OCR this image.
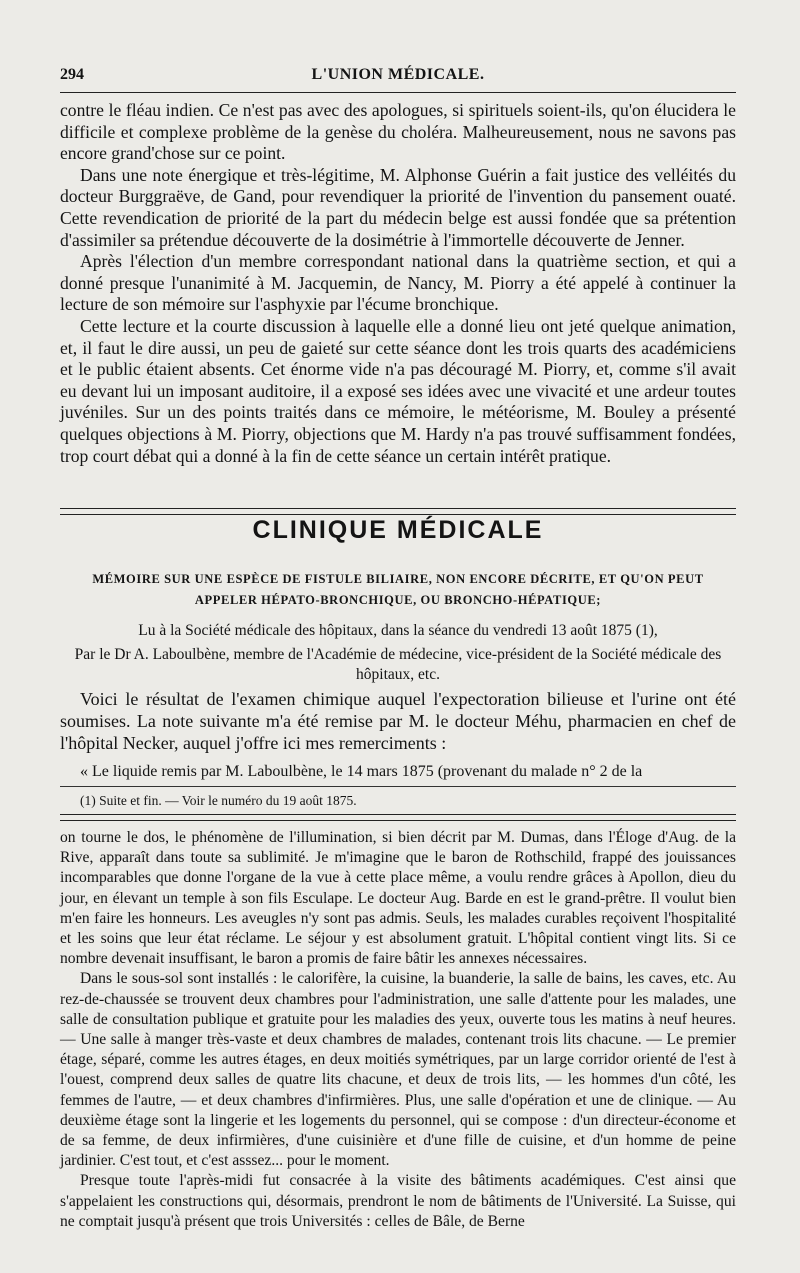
294	L'UNION MÉDICALE.

contre le fléau indien. Ce n'est pas avec des apologues, si spirituels soient-ils, qu'on élucidera le difficile et complexe problème de la genèse du choléra. Malheureusement, nous ne savons pas encore grand'chose sur ce point.

Dans une note énergique et très-légitime, M. Alphonse Guérin a fait justice des velléités du docteur Burggraëve, de Gand, pour revendiquer la priorité de l'invention du pansement ouaté. Cette revendication de priorité de la part du médecin belge est aussi fondée que sa prétention d'assimiler sa prétendue découverte de la dosimétrie à l'immortelle découverte de Jenner.

Après l'élection d'un membre correspondant national dans la quatrième section, et qui a donné presque l'unanimité à M. Jacquemin, de Nancy, M. Piorry a été appelé à continuer la lecture de son mémoire sur l'asphyxie par l'écume bronchique.

Cette lecture et la courte discussion à laquelle elle a donné lieu ont jeté quelque animation, et, il faut le dire aussi, un peu de gaieté sur cette séance dont les trois quarts des académiciens et le public étaient absents. Cet énorme vide n'a pas découragé M. Piorry, et, comme s'il avait eu devant lui un imposant auditoire, il a exposé ses idées avec une vivacité et une ardeur toutes juvéniles. Sur un des points traités dans ce mémoire, le météorisme, M. Bouley a présenté quelques objections à M. Piorry, objections que M. Hardy n'a pas trouvé suffisamment fondées, trop court débat qui a donné à la fin de cette séance un certain intérêt pratique.

CLINIQUE MÉDICALE
MÉMOIRE SUR UNE ESPÈCE DE FISTULE BILIAIRE, NON ENCORE DÉCRITE, ET QU'ON PEUT APPELER HÉPATO-BRONCHIQUE, OU BRONCHO-HÉPATIQUE;
Lu à la Société médicale des hôpitaux, dans la séance du vendredi 13 août 1875 (1),
Par le Dr A. Laboulbène, membre de l'Académie de médecine, vice-président de la Société médicale des hôpitaux, etc.

Voici le résultat de l'examen chimique auquel l'expectoration bilieuse et l'urine ont été soumises. La note suivante m'a été remise par M. le docteur Méhu, pharmacien en chef de l'hôpital Necker, auquel j'offre ici mes remerciments :

« Le liquide remis par M. Laboulbène, le 14 mars 1875 (provenant du malade n° 2 de la
(1) Suite et fin. — Voir le numéro du 19 août 1875.

on tourne le dos, le phénomène de l'illumination, si bien décrit par M. Dumas, dans l'Éloge d'Aug. de la Rive, apparaît dans toute sa sublimité. Je m'imagine que le baron de Rothschild, frappé des jouissances incomparables que donne l'organe de la vue à cette place même, a voulu rendre grâces à Apollon, dieu du jour, en élevant un temple à son fils Esculape. Le docteur Aug. Barde en est le grand-prêtre. Il voulut bien m'en faire les honneurs. Les aveugles n'y sont pas admis. Seuls, les malades curables reçoivent l'hospitalité et les soins que leur état réclame. Le séjour y est absolument gratuit. L'hôpital contient vingt lits. Si ce nombre devenait insuffisant, le baron a promis de faire bâtir les annexes nécessaires.

Dans le sous-sol sont installés : le calorifère, la cuisine, la buanderie, la salle de bains, les caves, etc. Au rez-de-chaussée se trouvent deux chambres pour l'administration, une salle d'attente pour les malades, une salle de consultation publique et gratuite pour les maladies des yeux, ouverte tous les matins à neuf heures. — Une salle à manger très-vaste et deux chambres de malades, contenant trois lits chacune. — Le premier étage, séparé, comme les autres étages, en deux moitiés symétriques, par un large corridor orienté de l'est à l'ouest, comprend deux salles de quatre lits chacune, et deux de trois lits, — les hommes d'un côté, les femmes de l'autre, — et deux chambres d'infirmières. Plus, une salle d'opération et une de clinique. — Au deuxième étage sont la lingerie et les logements du personnel, qui se compose : d'un directeur-économe et de sa femme, de deux infirmières, d'une cuisinière et d'une fille de cuisine, et d'un homme de peine jardinier. C'est tout, et c'est asssez... pour le moment.

Presque toute l'après-midi fut consacrée à la visite des bâtiments académiques. C'est ainsi que s'appelaient les constructions qui, désormais, prendront le nom de bâtiments de l'Université. La Suisse, qui ne comptait jusqu'à présent que trois Universités : celles de Bâle, de Berne
